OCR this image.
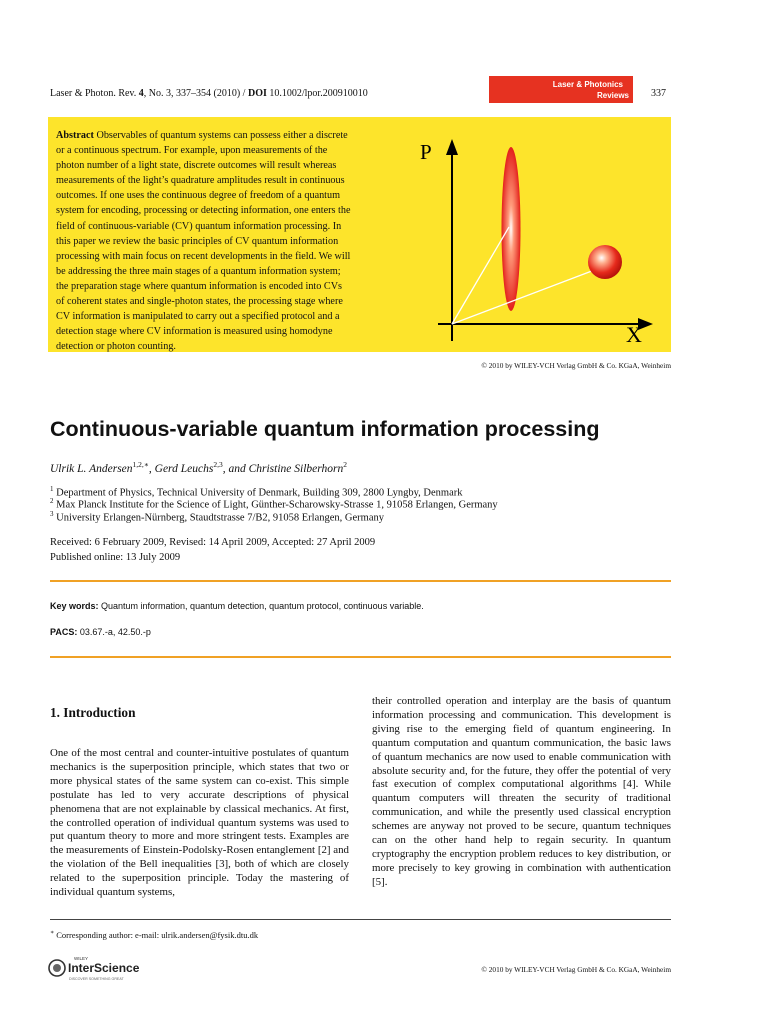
Laser & Photon. Rev. 4, No. 3, 337–354 (2010) / DOI 10.1002/lpor.200910010
Laser & Photonics
Reviews 337

Abstract Observables of quantum systems can possess either a discrete or a continuous spectrum. For example, upon measurements of the photon number of a light state, discrete outcomes will result whereas measurements of the light’s quadrature amplitudes result in continuous outcomes. If one uses the continuous degree of freedom of a quantum system for encoding, processing or detecting information, one enters the field of continuous-variable (CV) quantum information processing. In this paper we review the basic principles of CV quantum information processing with main focus on recent developments in the field. We will be addressing the three main stages of a quantum information system; the preparation stage where quantum information is encoded into CVs of coherent states and single-photon states, the processing stage where CV information is manipulated to carry out a specified protocol and a detection stage where CV information is measured using homodyne detection or photon counting.

P
X
© 2010 by WILEY-VCH Verlag GmbH & Co. KGaA, Weinheim
Continuous-variable quantum information processing
Ulrik L. Andersen$^{1,2,∗}$, Gerd Leuchs$^{2,3}$, and Christine Silberhorn$^2$
$^1$ Department of Physics, Technical University of Denmark, Building 309, 2800 Lyngby, Denmark
$^2$ Max Planck Institute for the Science of Light, Günther-Scharowsky-Strasse 1, 91058 Erlangen, Germany
$^3$ University Erlangen-Nürnberg, Staudtstrasse 7/B2, 91058 Erlangen, Germany
Received: 6 February 2009, Revised: 14 April 2009, Accepted: 27 April 2009
Published online: 13 July 2009
Key words: Quantum information, quantum detection, quantum protocol, continuous variable.
PACS: 03.67.-a, 42.50.-p
1. Introduction

One of the most central and counter-intuitive postulates of quantum mechanics is the superposition principle, which states that two or more physical states of the same system can co-exist. This simple postulate has led to very accurate descriptions of physical phenomena that are not explainable by classical mechanics. At first, the controlled operation of individual quantum systems was used to put quantum theory to more and more stringent tests. Examples are the measurements of Einstein-Podolsky-Rosen entanglement [2] and the violation of the Bell inequalities [3], both of which are closely related to the superposition principle. Today the mastering of individual quantum systems,

their controlled operation and interplay are the basis of quantum information processing and communication. This development is giving rise to the emerging field of quantum engineering. In quantum computation and quantum communication, the basic laws of quantum mechanics are now used to enable communication with absolute security and, for the future, they offer the potential of very fast execution of complex computational algorithms [4]. While quantum computers will threaten the security of traditional communication, and while the presently used classical encryption schemes are anyway not proved to be secure, quantum techniques can on the other hand help to regain security. In quantum cryptography the encryption problem reduces to key distribution, or more precisely to key growing in combination with authentication [5].

∗ Corresponding author: e-mail: ulrik.andersen@fysik.dtu.dk
WILEY
InterScience
DISCOVER SOMETHING GREAT
© 2010 by WILEY-VCH Verlag GmbH & Co. KGaA, Weinheim
